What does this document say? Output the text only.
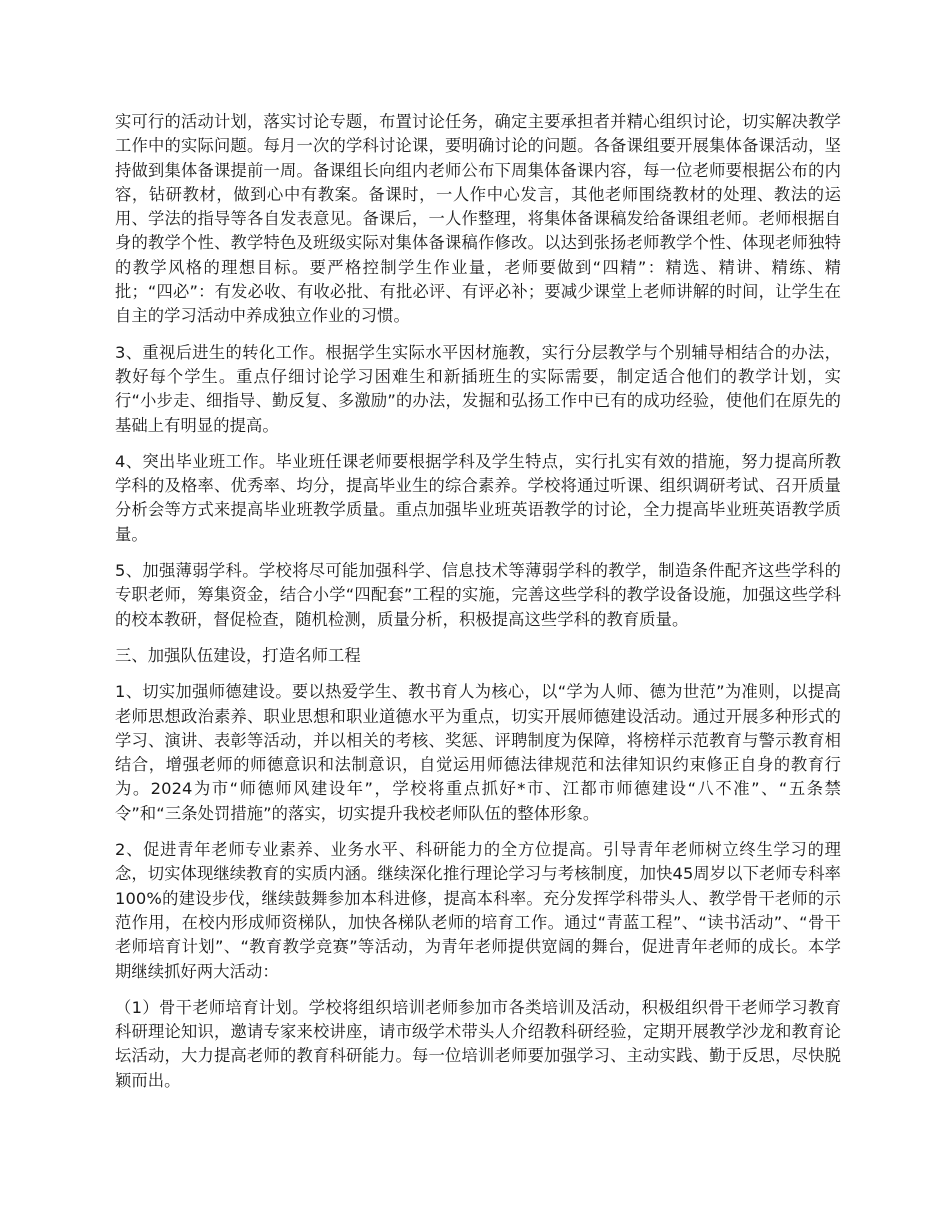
实可行的活动计划，落实讨论专题，布置讨论任务，确定主要承担者并精心组织讨论，切实解决教学工作中的实际问题。每月一次的学科讨论课，要明确讨论的问题。各备课组要开展集体备课活动，坚持做到集体备课提前一周。备课组长向组内老师公布下周集体备课内容，每一位老师要根据公布的内容，钻研教材，做到心中有教案。备课时，一人作中心发言，其他老师围绕教材的处理、教法的运用、学法的指导等各自发表意见。备课后，一人作整理，将集体备课稿发给备课组老师。老师根据自身的教学个性、教学特色及班级实际对集体备课稿作修改。以达到张扬老师教学个性、体现老师独特的教学风格的理想目标。要严格控制学生作业量，老师要做到“四精”：精选、精讲、精练、精批；“四必”：有发必收、有收必批、有批必评、有评必补；要减少课堂上老师讲解的时间，让学生在自主的学习活动中养成独立作业的习惯。

3、重视后进生的转化工作。根据学生实际水平因材施教，实行分层教学与个别辅导相结合的办法，教好每个学生。重点仔细讨论学习困难生和新插班生的实际需要，制定适合他们的教学计划，实行“小步走、细指导、勤反复、多激励”的办法，发掘和弘扬工作中已有的成功经验，使他们在原先的基础上有明显的提高。

4、突出毕业班工作。毕业班任课老师要根据学科及学生特点，实行扎实有效的措施，努力提高所教学科的及格率、优秀率、均分，提高毕业生的综合素养。学校将通过听课、组织调研考试、召开质量分析会等方式来提高毕业班教学质量。重点加强毕业班英语教学的讨论，全力提高毕业班英语教学质量。

5、加强薄弱学科。学校将尽可能加强科学、信息技术等薄弱学科的教学，制造条件配齐这些学科的专职老师，筹集资金，结合小学“四配套”工程的实施，完善这些学科的教学设备设施，加强这些学科的校本教研，督促检查，随机检测，质量分析，积极提高这些学科的教育质量。

三、加强队伍建设，打造名师工程

1、切实加强师德建设。要以热爱学生、教书育人为核心，以“学为人师、德为世范”为准则，以提高老师思想政治素养、职业思想和职业道德水平为重点，切实开展师德建设活动。通过开展多种形式的学习、演讲、表彰等活动，并以相关的考核、奖惩、评聘制度为保障，将榜样示范教育与警示教育相结合，增强老师的师德意识和法制意识，自觉运用师德法律规范和法律知识约束修正自身的教育行为。2024为市“师德师风建设年”，学校将重点抓好*市、江都市师德建设“八不准”、“五条禁令”和“三条处罚措施”的落实，切实提升我校老师队伍的整体形象。

2、促进青年老师专业素养、业务水平、科研能力的全方位提高。引导青年老师树立终生学习的理念，切实体现继续教育的实质内涵。继续深化推行理论学习与考核制度，加快45周岁以下老师专科率100%的建设步伐，继续鼓舞参加本科进修，提高本科率。充分发挥学科带头人、教学骨干老师的示范作用，在校内形成师资梯队，加快各梯队老师的培育工作。通过“青蓝工程”、“读书活动”、“骨干老师培育计划”、“教育教学竞赛”等活动，为青年老师提供宽阔的舞台，促进青年老师的成长。本学期继续抓好两大活动：

（1）骨干老师培育计划。学校将组织培训老师参加市各类培训及活动，积极组织骨干老师学习教育科研理论知识，邀请专家来校讲座，请市级学术带头人介绍教科研经验，定期开展教学沙龙和教育论坛活动，大力提高老师的教育科研能力。每一位培训老师要加强学习、主动实践、勤于反思，尽快脱颖而出。
